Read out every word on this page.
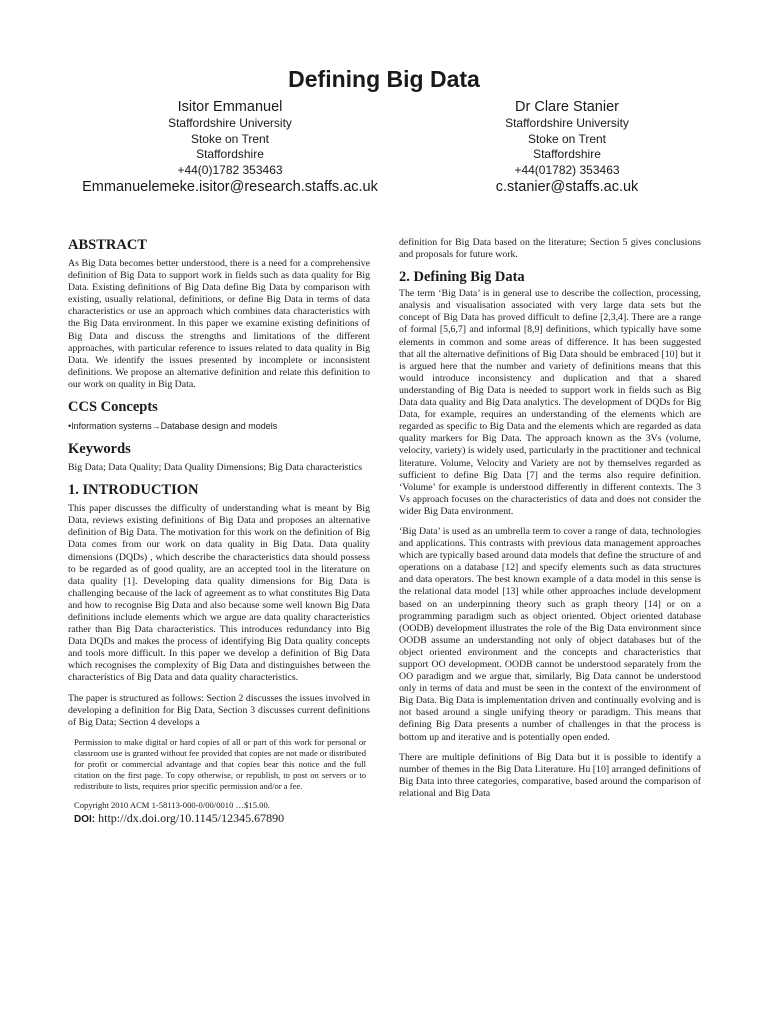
Defining Big Data
Isitor Emmanuel
Staffordshire University
Stoke on Trent
Staffordshire
+44(0)1782 353463
Emmanuelemeke.isitor@research.staffs.ac.uk
Dr Clare Stanier
Staffordshire University
Stoke on Trent
Staffordshire
+44(01782) 353463
c.stanier@staffs.ac.uk
ABSTRACT

As Big Data becomes better understood, there is a need for a comprehensive definition of Big Data to support work in fields such as data quality for Big Data. Existing definitions of Big Data define Big Data by comparison with existing, usually relational, definitions, or define Big Data in terms of data characteristics or use an approach which combines data characteristics with the Big Data environment. In this paper we examine existing definitions of Big Data and discuss the strengths and limitations of the different approaches, with particular reference to issues related to data quality in Big Data. We identify the issues presented by incomplete or inconsistent definitions. We propose an alternative definition and relate this definition to our work on quality in Big Data.

CCS Concepts
•Information systems→Database design and models
Keywords

Big Data; Data Quality; Data Quality Dimensions; Big Data characteristics

1. INTRODUCTION

This paper discusses the difficulty of understanding what is meant by Big Data, reviews existing definitions of Big Data and proposes an alternative definition of Big Data. The motivation for this work on the definition of Big Data comes from our work on data quality in Big Data. Data quality dimensions (DQDs) , which describe the characteristics data should possess to be regarded as of good quality, are an accepted tool in the literature on data quality [1]. Developing data quality dimensions for Big Data is challenging because of the lack of agreement as to what constitutes Big Data and how to recognise Big Data and also because some well known Big Data definitions include elements which we argue are data quality characteristics rather than Big Data characteristics. This introduces redundancy into Big Data DQDs and makes the process of identifying Big Data quality concepts and tools more difficult. In this paper we develop a definition of Big Data which recognises the complexity of Big Data and distinguishes between the characteristics of Big Data and data quality characteristics.

The paper is structured as follows: Section 2 discusses the issues involved in developing a definition for Big Data, Section 3 discusses current definitions of Big Data; Section 4 develops a

Permission to make digital or hard copies of all or part of this work for personal or classroom use is granted without fee provided that copies are not made or distributed for profit or commercial advantage and that copies bear this notice and the full citation on the first page. To copy otherwise, or republish, to post on servers or to redistribute to lists, requires prior specific permission and/or a fee.

Copyright 2010 ACM 1-58113-000-0/00/0010 …$15.00.
DOI: http://dx.doi.org/10.1145/12345.67890

definition for Big Data based on the literature; Section 5 gives conclusions and proposals for future work.

2. Defining Big Data

The term ‘Big Data’ is in general use to describe the collection, processing, analysis and visualisation associated with very large data sets but the concept of Big Data has proved difficult to define [2,3,4]. There are a range of formal [5,6,7] and informal [8,9] definitions, which typically have some elements in common and some areas of difference. It has been suggested that all the alternative definitions of Big Data should be embraced [10] but it is argued here that the number and variety of definitions means that this would introduce inconsistency and duplication and that a shared understanding of Big Data is needed to support work in fields such as Big Data data quality and Big Data analytics. The development of DQDs for Big Data, for example, requires an understanding of the elements which are regarded as specific to Big Data and the elements which are regarded as data quality markers for Big Data. The approach known as the 3Vs (volume, velocity, variety) is widely used, particularly in the practitioner and technical literature. Volume, Velocity and Variety are not by themselves regarded as sufficient to define Big Data [7] and the terms also require definition. ‘Volume’ for example is understood differently in different contexts. The 3 Vs approach focuses on the characteristics of data and does not consider the wider Big Data environment.

‘Big Data’ is used as an umbrella term to cover a range of data, technologies and applications. This contrasts with previous data management approaches which are typically based around data models that define the structure of and operations on a database [12] and specify elements such as data structures and data operators. The best known example of a data model in this sense is the relational data model [13] while other approaches include development based on an underpinning theory such as graph theory [14] or on a programming paradigm such as object oriented. Object oriented database (OODB) development illustrates the role of the Big Data environment since OODB assume an understanding not only of object databases but of the object oriented environment and the concepts and characteristics that support OO development. OODB cannot be understood separately from the OO paradigm and we argue that, similarly, Big Data cannot be understood only in terms of data and must be seen in the context of the environment of Big Data. Big Data is implementation driven and continually evolving and is not based around a single unifying theory or paradigm. This means that defining Big Data presents a number of challenges in that the process is bottom up and iterative and is potentially open ended.

There are multiple definitions of Big Data but it is possible to identify a number of themes in the Big Data Literature. Hu [10] arranged definitions of Big Data into three categories, comparative, based around the comparison of relational and Big Data
